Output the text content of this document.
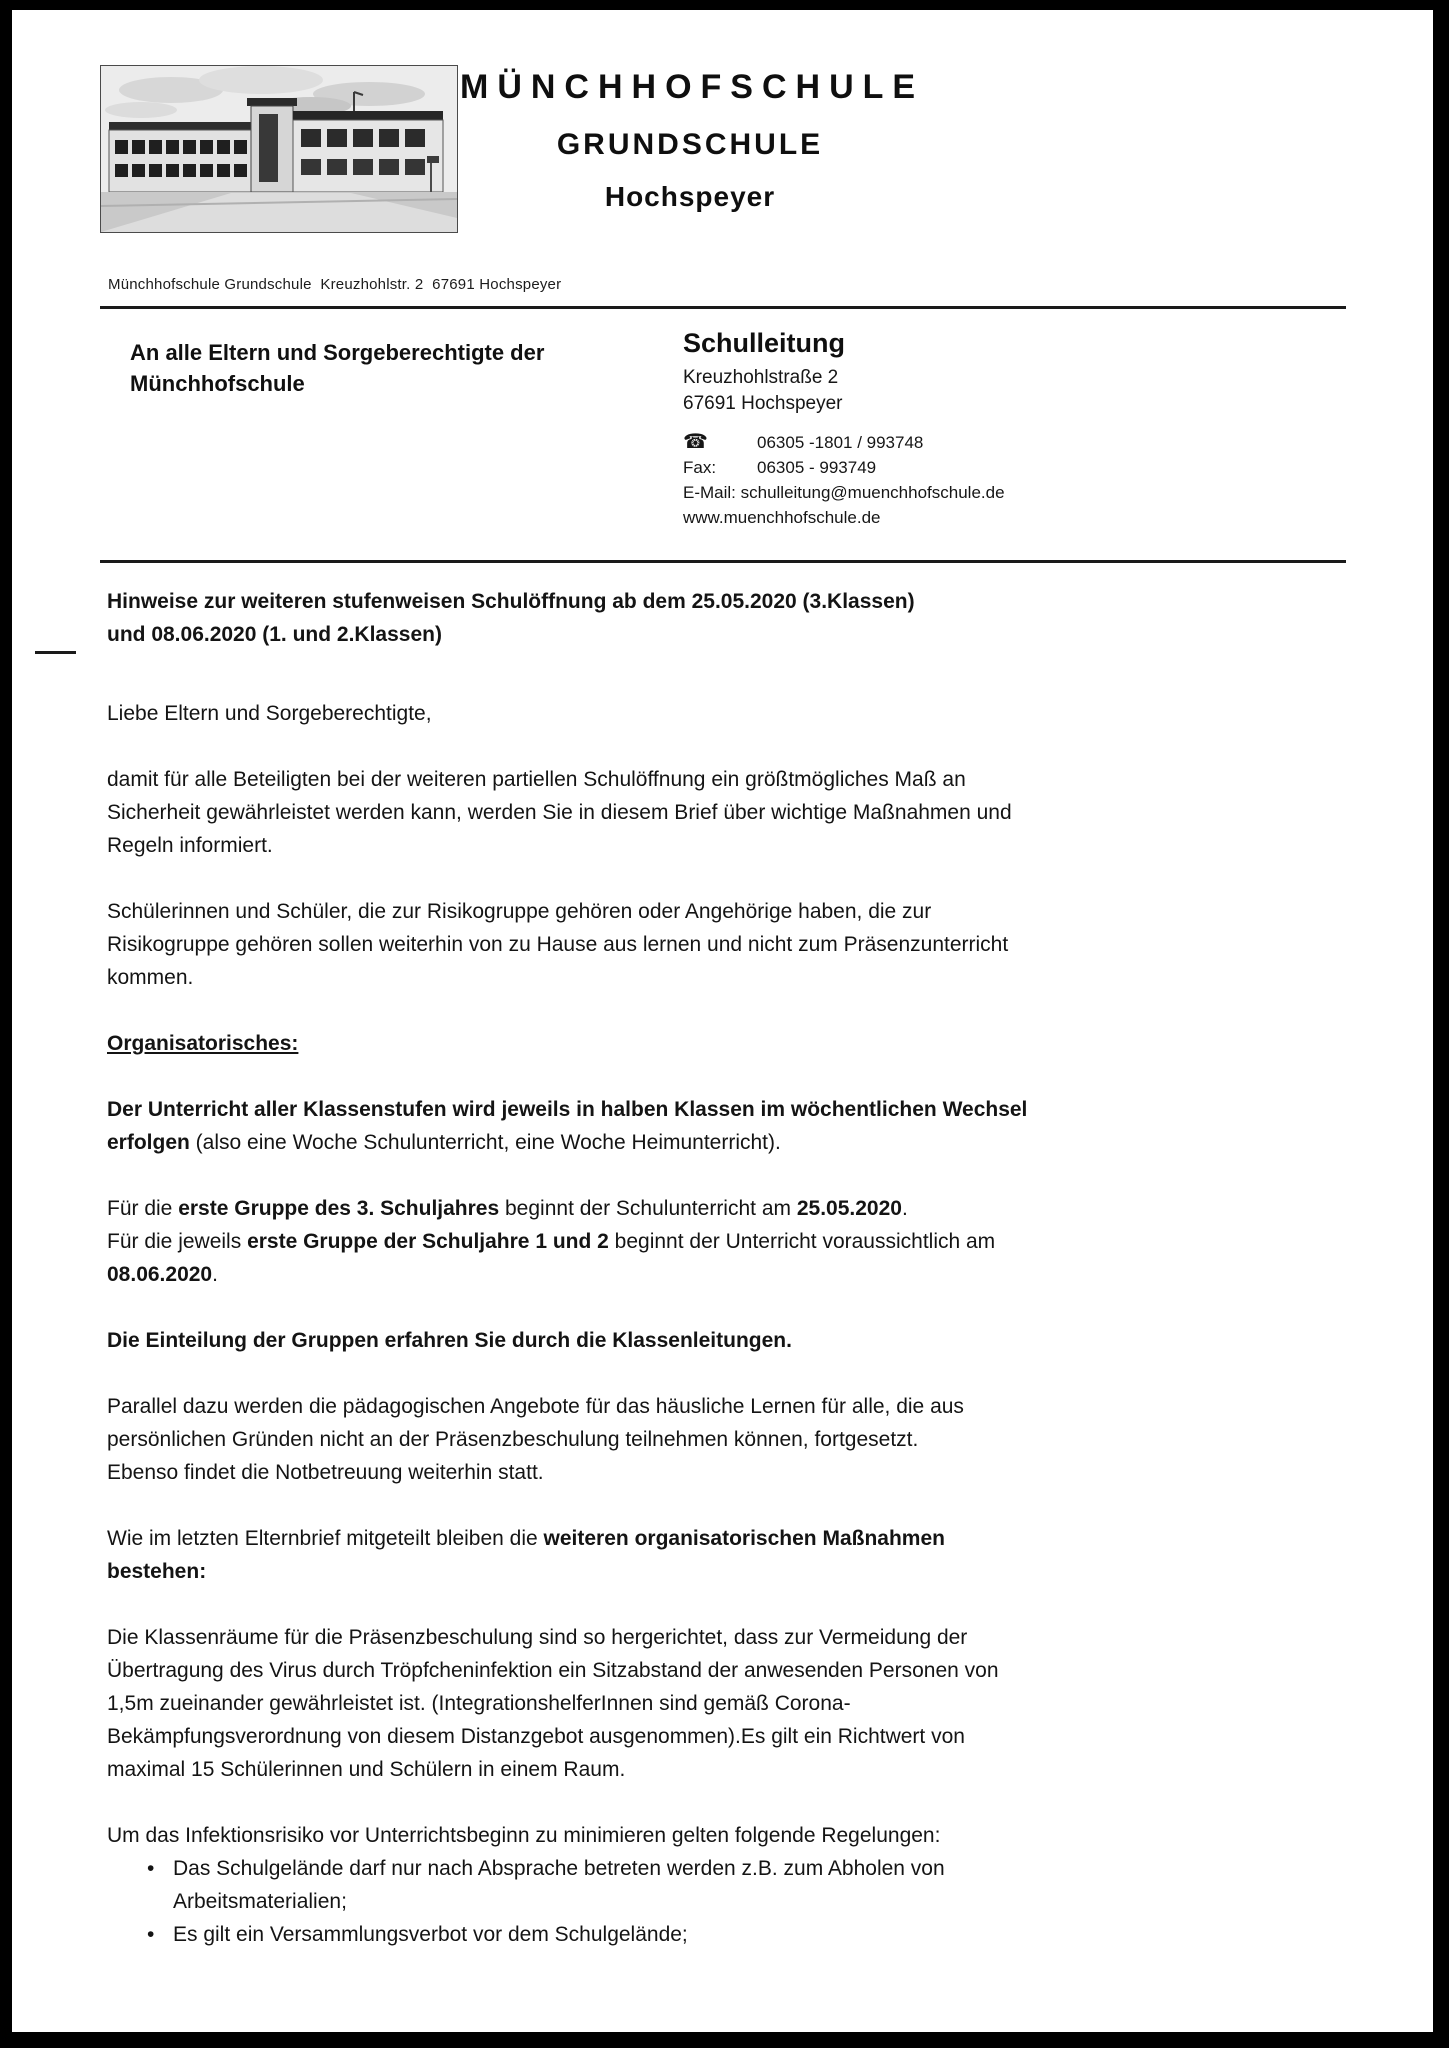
Münchhofschule Grundschule  Kreuzhohlstr. 2  67691 Hochspeyer
MÜNCHHOFSCHULE
GRUNDSCHULE
Hochspeyer
An alle Eltern und Sorgeberechtigte der
Münchhofschule
Schulleitung
Kreuzhohlstraße 2
67691 Hochspeyer
☎	06305 -1801 / 993748
Fax: 06305 - 993749
E-Mail: schulleitung@muenchhofschule.de
www.muenchhofschule.de
Hinweise zur weiteren stufenweisen Schulöffnung ab dem 25.05.2020 (3.Klassen)
und 08.06.2020 (1. und 2.Klassen)
Liebe Eltern und Sorgeberechtigte,
damit für alle Beteiligten bei der weiteren partiellen Schulöffnung ein größtmögliches Maß an
Sicherheit gewährleistet werden kann, werden Sie in diesem Brief über wichtige Maßnahmen und
Regeln informiert.
Schülerinnen und Schüler, die zur Risikogruppe gehören oder Angehörige haben, die zur
Risikogruppe gehören sollen weiterhin von zu Hause aus lernen und nicht zum Präsenzunterricht
kommen.
Organisatorisches:
Der Unterricht aller Klassenstufen wird jeweils in halben Klassen im wöchentlichen Wechsel
erfolgen (also eine Woche Schulunterricht, eine Woche Heimunterricht).
Für die erste Gruppe des 3. Schuljahres beginnt der Schulunterricht am 25.05.2020.
Für die jeweils erste Gruppe der Schuljahre 1 und 2 beginnt der Unterricht voraussichtlich am
08.06.2020.
Die Einteilung der Gruppen erfahren Sie durch die Klassenleitungen.
Parallel dazu werden die pädagogischen Angebote für das häusliche Lernen für alle, die aus
persönlichen Gründen nicht an der Präsenzbeschulung teilnehmen können, fortgesetzt.
Ebenso findet die Notbetreuung weiterhin statt.
Wie im letzten Elternbrief mitgeteilt bleiben die weiteren organisatorischen Maßnahmen
bestehen:
Die Klassenräume für die Präsenzbeschulung sind so hergerichtet, dass zur Vermeidung der
Übertragung des Virus durch Tröpfcheninfektion ein Sitzabstand der anwesenden Personen von
1,5m zueinander gewährleistet ist. (IntegrationshelferInnen sind gemäß Corona-
Bekämpfungsverordnung von diesem Distanzgebot ausgenommen).Es gilt ein Richtwert von
maximal 15 Schülerinnen und Schülern in einem Raum.
Um das Infektionsrisiko vor Unterrichtsbeginn zu minimieren gelten folgende Regelungen:
• Das Schulgelände darf nur nach Absprache betreten werden z.B. zum Abholen von
Arbeitsmaterialien;
• Es gilt ein Versammlungsverbot vor dem Schulgelände;
